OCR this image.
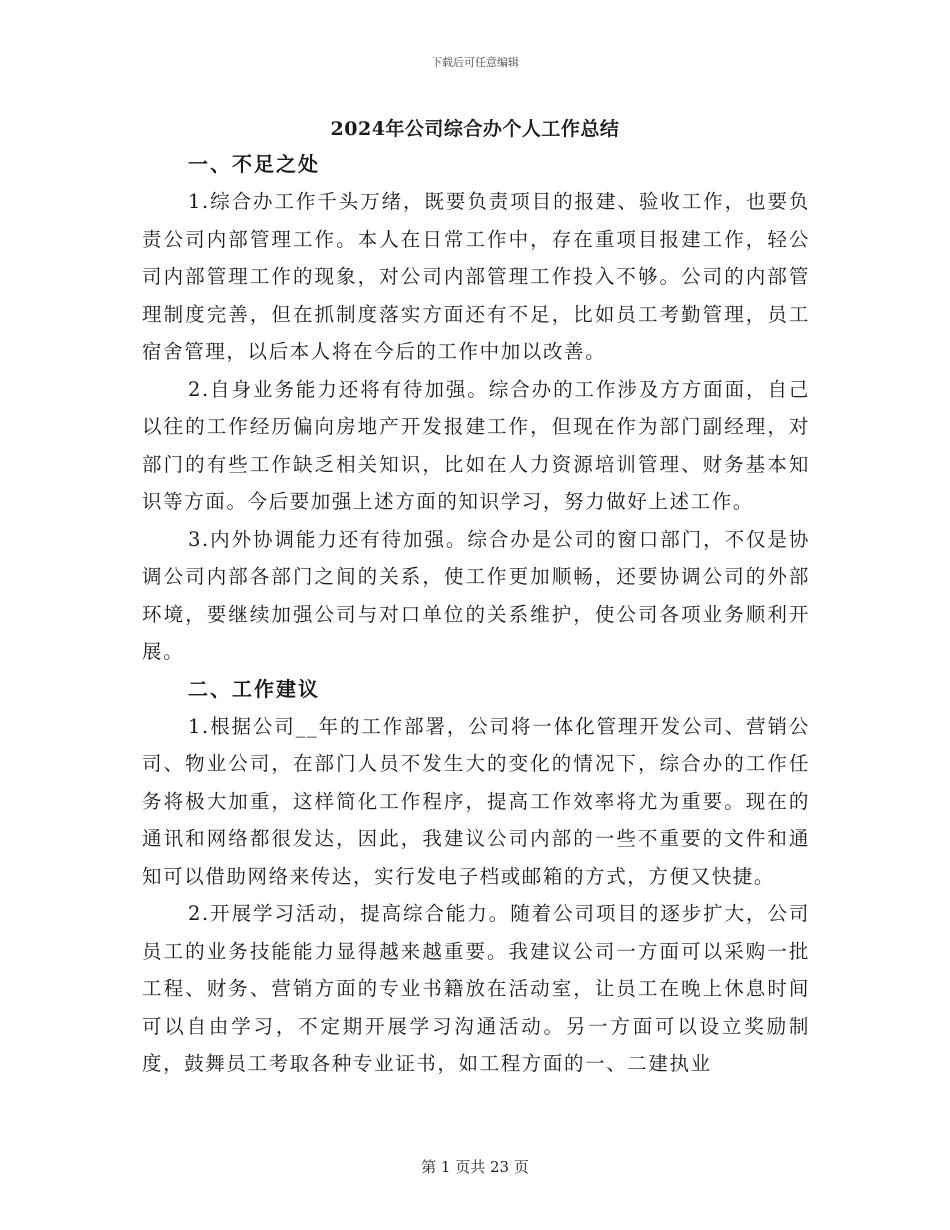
下载后可任意编辑
2024年公司综合办个人工作总结
一、不足之处

1.综合办工作千头万绪，既要负责项目的报建、验收工作，也要负责公司内部管理工作。本人在日常工作中，存在重项目报建工作，轻公司内部管理工作的现象，对公司内部管理工作投入不够。公司的内部管理制度完善，但在抓制度落实方面还有不足，比如员工考勤管理，员工宿舍管理，以后本人将在今后的工作中加以改善。

2.自身业务能力还将有待加强。综合办的工作涉及方方面面，自己以往的工作经历偏向房地产开发报建工作，但现在作为部门副经理，对部门的有些工作缺乏相关知识，比如在人力资源培训管理、财务基本知识等方面。今后要加强上述方面的知识学习，努力做好上述工作。

3.内外协调能力还有待加强。综合办是公司的窗口部门，不仅是协调公司内部各部门之间的关系，使工作更加顺畅，还要协调公司的外部环境，要继续加强公司与对口单位的关系维护，使公司各项业务顺利开展。

二、工作建议

1.根据公司__年的工作部署，公司将一体化管理开发公司、营销公司、物业公司，在部门人员不发生大的变化的情况下，综合办的工作任务将极大加重，这样简化工作程序，提高工作效率将尤为重要。现在的通讯和网络都很发达，因此，我建议公司内部的一些不重要的文件和通知可以借助网络来传达，实行发电子档或邮箱的方式，方便又快捷。

2.开展学习活动，提高综合能力。随着公司项目的逐步扩大，公司员工的业务技能能力显得越来越重要。我建议公司一方面可以采购一批工程、财务、营销方面的专业书籍放在活动室，让员工在晚上休息时间可以自由学习，不定期开展学习沟通活动。另一方面可以设立奖励制度，鼓舞员工考取各种专业证书，如工程方面的一、二建执业

第 1 页共 23 页
